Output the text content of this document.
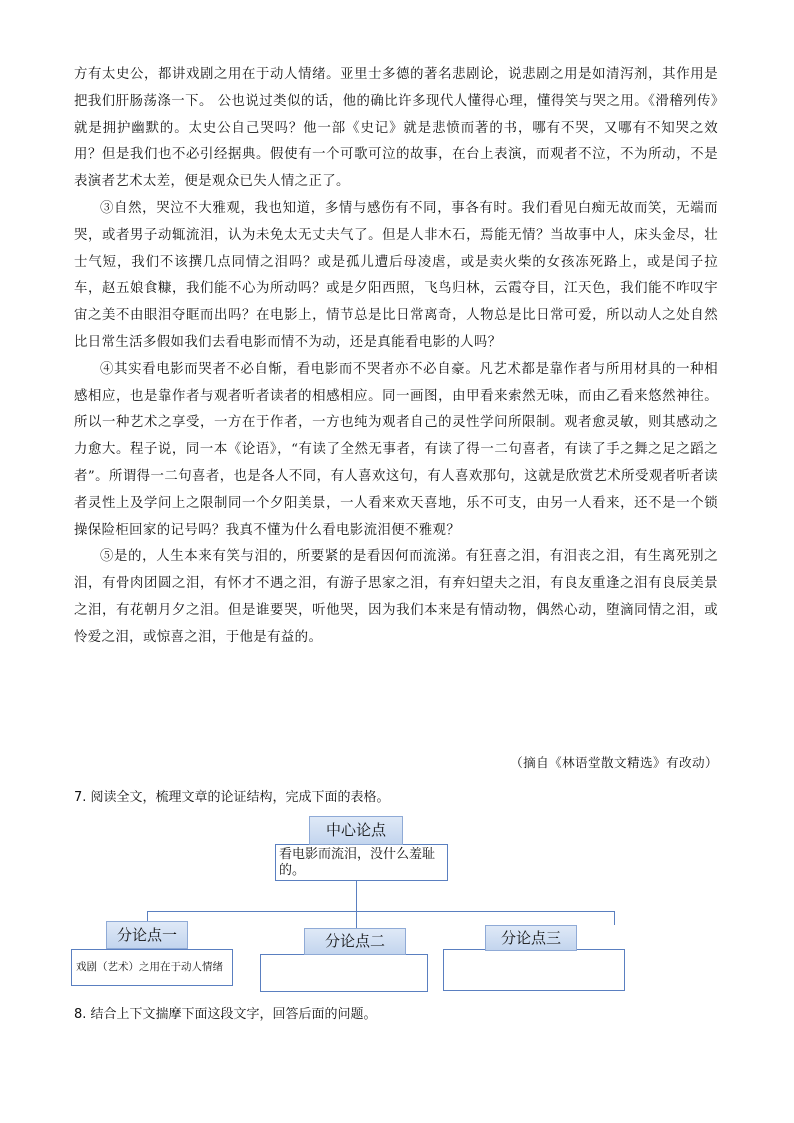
方有太史公，都讲戏剧之用在于动人情绪。亚里士多德的著名悲剧论，说悲剧之用是如清泻剂，其作用是把我们肝肠荡涤一下。 公也说过类似的话，他的确比许多现代人懂得心理，懂得笑与哭之用。《滑稽列传》就是拥护幽默的。太史公自己哭吗？他一部《史记》就是悲愤而著的书，哪有不哭，又哪有不知哭之效用？但是我们也不必引经据典。假使有一个可歌可泣的故事，在台上表演，而观者不泣，不为所动，不是表演者艺术太差，便是观众已失人情之正了。

③自然，哭泣不大雅观，我也知道，多情与感伤有不同，事各有时。我们看见白痴无故而笑，无端而哭，或者男子动辄流泪，认为未免太无丈夫气了。但是人非木石，焉能无情？当故事中人，床头金尽，壮士气短，我们不该撰几点同情之泪吗？或是孤儿遭后母凌虐，或是卖火柴的女孩冻死路上，或是闰子拉车，赵五娘食糠，我们能不心为所动吗？或是夕阳西照，飞鸟归林，云霞夺目，江天色，我们能不咋叹宇宙之美不由眼泪夺眶而出吗？在电影上，情节总是比日常离奇，人物总是比日常可爱，所以动人之处自然比日常生活多假如我们去看电影而情不为动，还是真能看电影的人吗？

④其实看电影而哭者不必自惭，看电影而不哭者亦不必自豪。凡艺术都是靠作者与所用材具的一种相感相应，也是靠作者与观者听者读者的相感相应。同一画图，由甲看来索然无味，而由乙看来悠然神往。所以一种艺术之享受，一方在于作者，一方也纯为观者自己的灵性学问所限制。观者愈灵敏，则其感动之力愈大。程子说，同一本《论语》，“有读了全然无事者，有读了得一二句喜者，有读了手之舞之足之蹈之者”。所谓得一二句喜者，也是各人不同，有人喜欢这句，有人喜欢那句，这就是欣赏艺术所受观者听者读者灵性上及学问上之限制同一个夕阳美景，一人看来欢天喜地，乐不可支，由另一人看来，还不是一个锁操保险柜回家的记号吗？我真不懂为什么看电影流泪便不雅观？

⑤是的，人生本来有笑与泪的，所要紧的是看因何而流涕。有狂喜之泪，有泪丧之泪，有生离死别之泪，有骨肉团圆之泪，有怀才不遇之泪，有游子思家之泪，有弃妇望夫之泪，有良友重逢之泪有良辰美景之泪，有花朝月夕之泪。但是谁要哭，听他哭，因为我们本来是有情动物，偶然心动，堕滴同情之泪，或怜爱之泪，或惊喜之泪，于他是有益的。

（摘自《林语堂散文精选》有改动）
7. 阅读全文，梳理文章的论证结构，完成下面的表格。
看电影而流泪，没什么羞耻的。
中心论点
戏剧（艺术）之用在于动人情绪
分论点一	分论点二	分论点三
8. 结合上下文揣摩下面这段文字，回答后面的问题。
